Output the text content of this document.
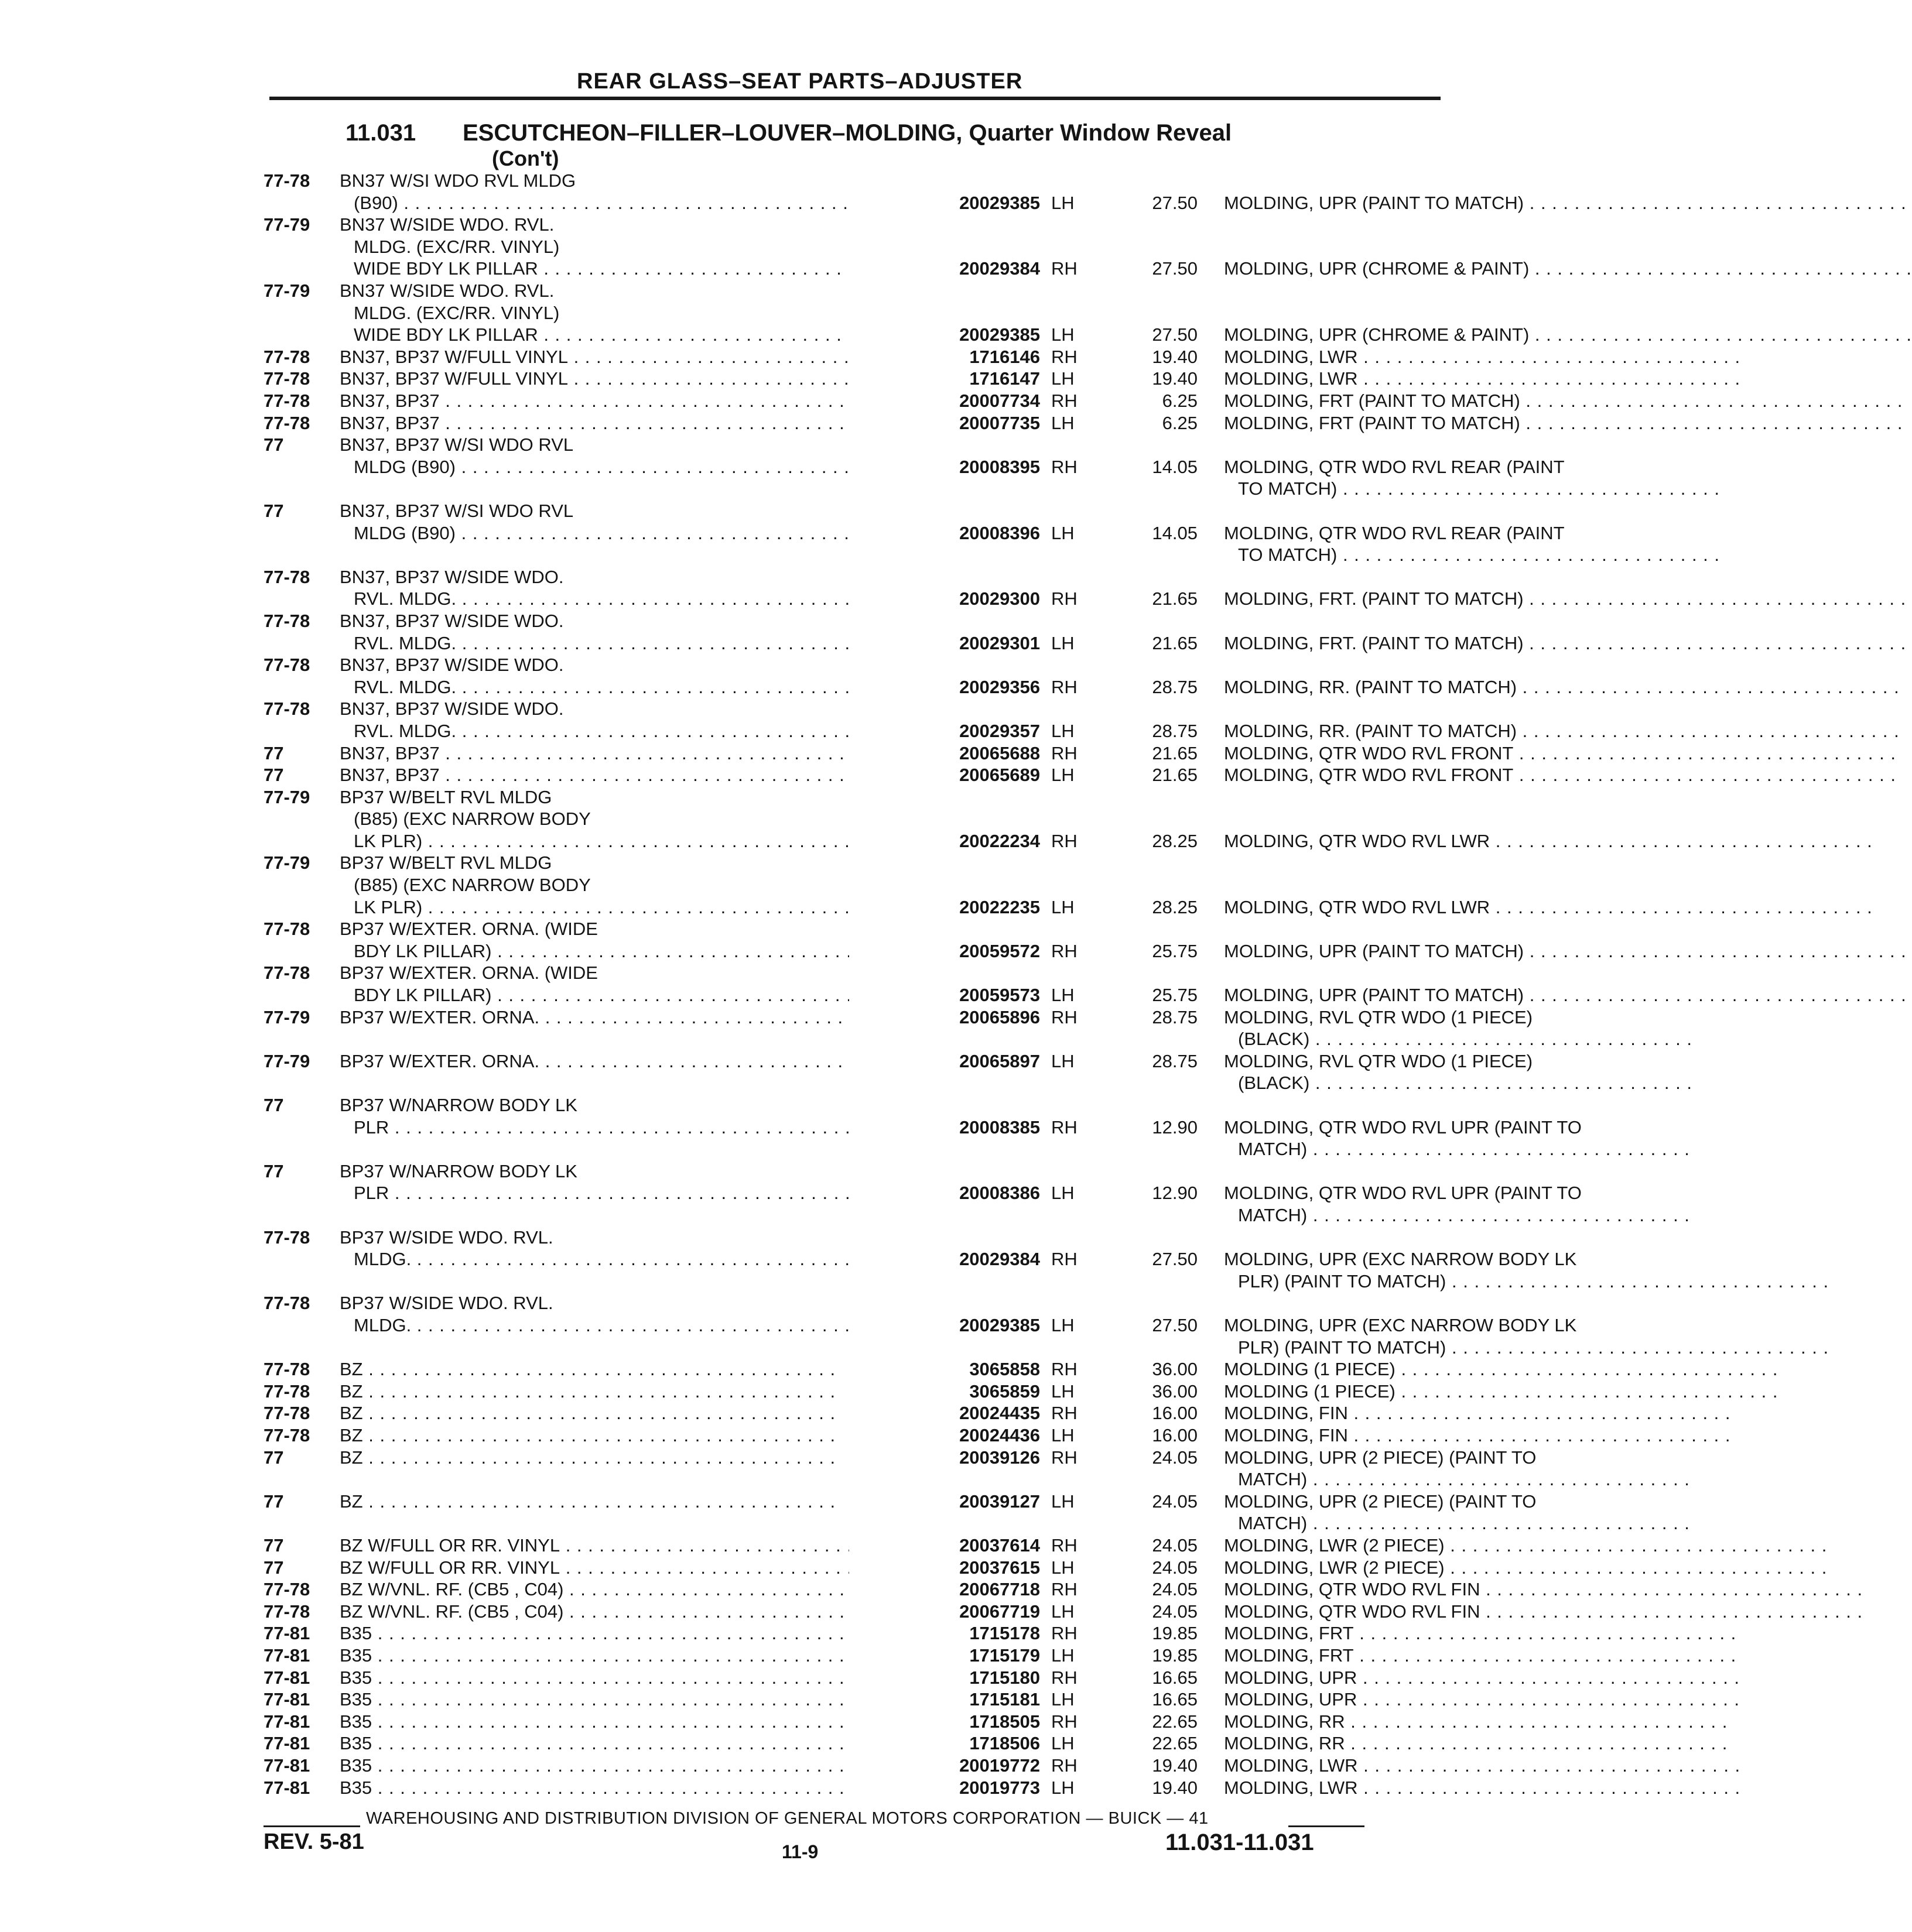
REAR GLASS–SEAT PARTS–ADJUSTER
11.031 ESCUTCHEON–FILLER–LOUVER–MOLDING, Quarter Window Reveal
(Con't)
77-78 BN37 W/SI WDO RVL MLDG
(B90) . . .	20029385 LH	27.50 MOLDING, UPR (PAINT TO MATCH) . . .
77-79 BN37 W/SIDE WDO. RVL.
MLDG. (EXC/RR. VINYL)
WIDE BDY LK PILLAR . . .	20029384 RH	27.50 MOLDING, UPR (CHROME & PAINT) . . .
77-79 BN37 W/SIDE WDO. RVL.
MLDG. (EXC/RR. VINYL)
WIDE BDY LK PILLAR . . .	20029385 LH	27.50 MOLDING, UPR (CHROME & PAINT) . . .
77-78 BN37, BP37 W/FULL VINYL . . .	1716146 RH	19.40 MOLDING, LWR . . .
77-78 BN37, BP37 W/FULL VINYL . . .	1716147 LH	19.40 MOLDING, LWR . . .
77-78 BN37, BP37 . . .	20007734 RH	6.25 MOLDING, FRT (PAINT TO MATCH) . . .
77-78 BN37, BP37 . . .	20007735 LH	6.25 MOLDING, FRT (PAINT TO MATCH) . . .
77	BN37, BP37 W/SI WDO RVL
MLDG (B90) . . .	20008395 RH	14.05 MOLDING, QTR WDO RVL REAR (PAINT
TO MATCH) . . .
77	BN37, BP37 W/SI WDO RVL
MLDG (B90) . . .	20008396 LH	14.05 MOLDING, QTR WDO RVL REAR (PAINT
TO MATCH) . . .
77-78 BN37, BP37 W/SIDE WDO.
RVL. MLDG. . . .	20029300 RH	21.65 MOLDING, FRT. (PAINT TO MATCH) . . .
77-78 BN37, BP37 W/SIDE WDO.
RVL. MLDG. . . .	20029301 LH	21.65 MOLDING, FRT. (PAINT TO MATCH) . . .
77-78 BN37, BP37 W/SIDE WDO.
RVL. MLDG. . . .	20029356 RH	28.75 MOLDING, RR. (PAINT TO MATCH) . . .
77-78 BN37, BP37 W/SIDE WDO.
RVL. MLDG. . . .	20029357 LH	28.75 MOLDING, RR. (PAINT TO MATCH) . . .
77	BN37, BP37 . . .	20065688 RH	21.65 MOLDING, QTR WDO RVL FRONT . . .
77	BN37, BP37 . . .	20065689 LH	21.65 MOLDING, QTR WDO RVL FRONT . . .
77-79 BP37 W/BELT RVL MLDG
(B85) (EXC NARROW BODY
LK PLR) . . .	20022234 RH	28.25 MOLDING, QTR WDO RVL LWR . . .
77-79 BP37 W/BELT RVL MLDG
(B85) (EXC NARROW BODY
LK PLR) . . .	20022235 LH	28.25 MOLDING, QTR WDO RVL LWR . . .
77-78 BP37 W/EXTER. ORNA. (WIDE
BDY LK PILLAR) . . .	20059572 RH	25.75 MOLDING, UPR (PAINT TO MATCH) . . .
77-78 BP37 W/EXTER. ORNA. (WIDE
BDY LK PILLAR) . . .	20059573 LH	25.75 MOLDING, UPR (PAINT TO MATCH) . . .
77-79 BP37 W/EXTER. ORNA. . . .	20065896 RH	28.75 MOLDING, RVL QTR WDO (1 PIECE)
(BLACK) . . .
77-79 BP37 W/EXTER. ORNA. . . .	20065897 LH	28.75 MOLDING, RVL QTR WDO (1 PIECE)
(BLACK) . . .
77	BP37 W/NARROW BODY LK
PLR . . .	20008385 RH	12.90 MOLDING, QTR WDO RVL UPR (PAINT TO
MATCH) . . .
77	BP37 W/NARROW BODY LK
PLR . . .	20008386 LH	12.90 MOLDING, QTR WDO RVL UPR (PAINT TO
MATCH) . . .
77-78 BP37 W/SIDE WDO. RVL.
MLDG. . . .	20029384 RH	27.50 MOLDING, UPR (EXC NARROW BODY LK
PLR) (PAINT TO MATCH) . . .
77-78 BP37 W/SIDE WDO. RVL.
MLDG. . . .	20029385 LH	27.50 MOLDING, UPR (EXC NARROW BODY LK
PLR) (PAINT TO MATCH) . . .
77-78 BZ . . .	3065858 RH	36.00 MOLDING (1 PIECE) . . .
77-78 BZ . . .	3065859 LH	36.00 MOLDING (1 PIECE) . . .
77-78 BZ . . .	20024435 RH	16.00 MOLDING, FIN . . .
77-78 BZ . . .	20024436 LH	16.00 MOLDING, FIN . . .
77	BZ . . .	20039126 RH	24.05 MOLDING, UPR (2 PIECE) (PAINT TO
MATCH) . . .
77	BZ . . .	20039127 LH	24.05 MOLDING, UPR (2 PIECE) (PAINT TO
MATCH) . . .
77	BZ W/FULL OR RR. VINYL . . .	20037614 RH	24.05 MOLDING, LWR (2 PIECE) . . .
77	BZ W/FULL OR RR. VINYL . . .	20037615 LH	24.05 MOLDING, LWR (2 PIECE) . . .
77-78 BZ W/VNL. RF. (CB5 , C04) . . .	20067718 RH	24.05 MOLDING, QTR WDO RVL FIN . . .
77-78 BZ W/VNL. RF. (CB5 , C04) . . .	20067719 LH	24.05 MOLDING, QTR WDO RVL FIN . . .
77-81 B35 . . .	1715178 RH	19.85 MOLDING, FRT . . .
77-81 B35 . . .	1715179 LH	19.85 MOLDING, FRT . . .
77-81 B35 . . .	1715180 RH	16.65 MOLDING, UPR . . .
77-81 B35 . . .	1715181 LH	16.65 MOLDING, UPR . . .
77-81 B35 . . .	1718505 RH	22.65 MOLDING, RR . . .
77-81 B35 . . .	1718506 LH	22.65 MOLDING, RR . . .
77-81 B35 . . .	20019772 RH	19.40 MOLDING, LWR . . .
77-81 B35 . . .	20019773 LH	19.40 MOLDING, LWR . . .
WAREHOUSING AND DISTRIBUTION DIVISION OF GENERAL MOTORS CORPORATION — BUICK — 41
REV. 5-81	11-9	11.031-11.031
